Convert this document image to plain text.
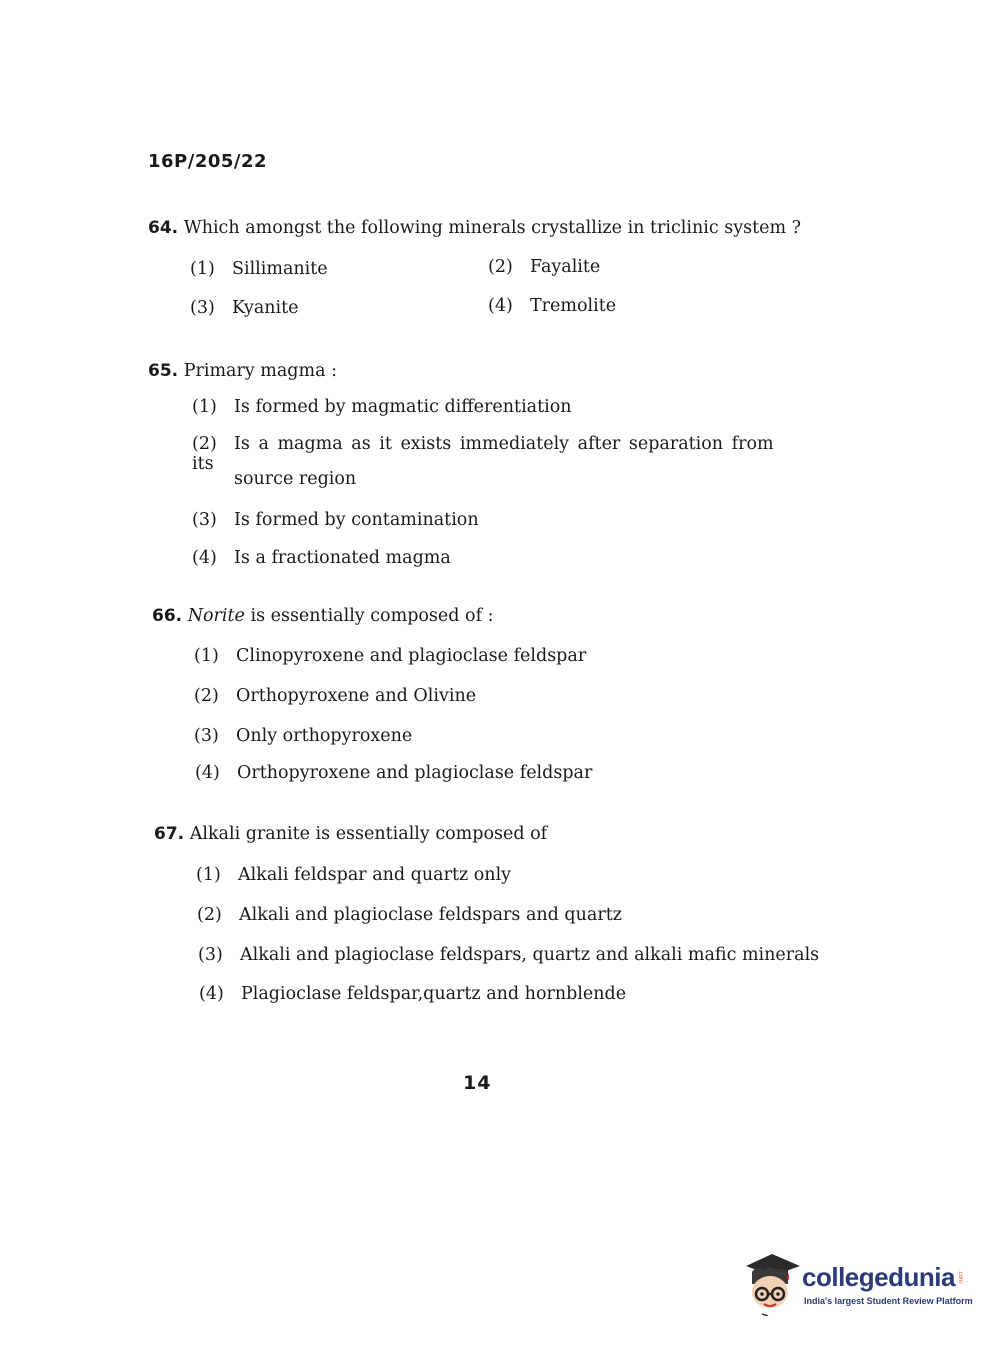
16P/205/22
64. Which amongst the following minerals crystallize in triclinic system ?
(1) Sillimanite	(2) Fayalite
(3) Kyanite	(4) Tremolite
65. Primary magma :
(1) Is formed by magmatic differentiation
(2) Is a magma as it exists immediately after separation from its
source region
(3) Is formed by contamination
(4) Is a fractionated magma
66. Norite is essentially composed of :
(1) Clinopyroxene and plagioclase feldspar
(2) Orthopyroxene and Olivine
(3) Only orthopyroxene
(4) Orthopyroxene and plagioclase feldspar
67. Alkali granite is essentially composed of
(1) Alkali feldspar and quartz only
(2) Alkali and plagioclase feldspars and quartz
(3) Alkali and plagioclase feldspars, quartz and alkali mafic minerals
(4) Plagioclase feldspar,quartz and hornblende
14
collegedunia .com
India's largest Student Review Platform
